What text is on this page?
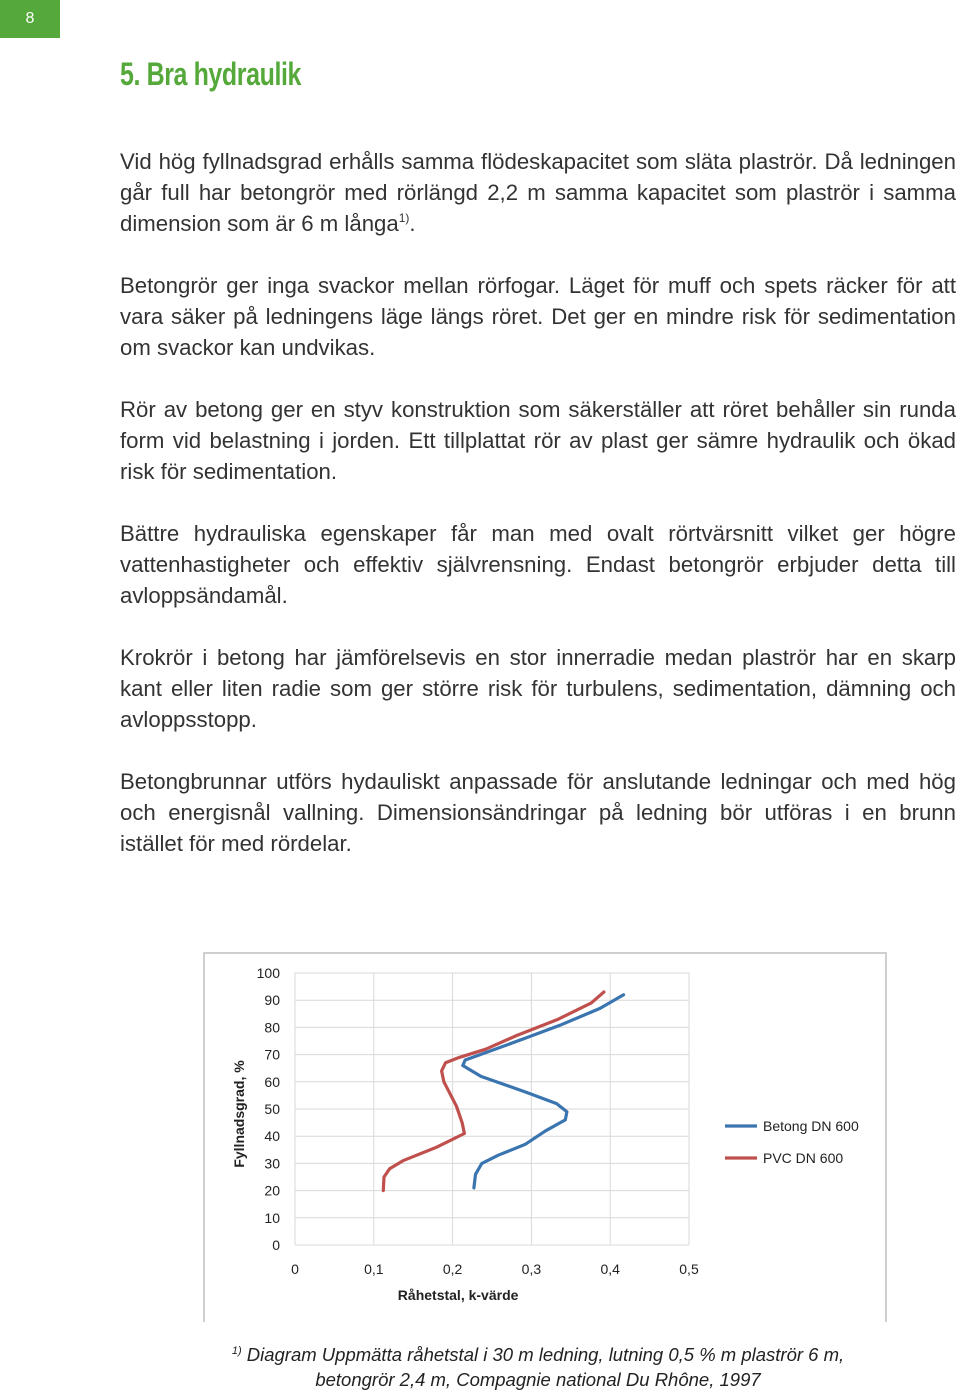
8
5. Bra hydraulik

Vid hög fyllnadsgrad erhålls samma flödeskapacitet som släta plaströr. Då ledningen går full har betongrör med rörlängd 2,2 m samma kapacitet som plaströr i samma dimension som är 6 m långa$^{1)}$.

Betongrör ger inga svackor mellan rörfogar. Läget för muff och spets räcker för att vara säker på ledningens läge längs röret. Det ger en mindre risk för sedimentation om svackor kan undvikas.

Rör av betong ger en styv konstruktion som säkerställer att röret behåller sin runda form vid belastning i jorden. Ett tillplattat rör av plast ger sämre hydraulik och ökad risk för sedimentation.

Bättre hydrauliska egenskaper får man med ovalt rörtvärsnitt vilket ger högre vattenhastigheter och effektiv självrensning. Endast betongrör erbjuder detta till avloppsändamål.

Krokrör i betong har jämförelsevis en stor innerradie medan plaströr har en skarp kant eller liten radie som ger större risk för turbulens, sedimentation, dämning och avloppsstopp.

Betongbrunnar utförs hydauliskt anpassade för anslutande ledningar och med hög och energisnål vallning. Dimensionsändringar på ledning bör utföras i en brunn istället för med rördelar.

0
10
20
30
40
50
60
70
80
90
100
0	0,1	0,2	0,3	0,4	0,5
Råhetstal, k-värde
Fyllnadsgrad, %	Betong DN 600
PVC DN 600
$^{1)}$ Diagram Uppmätta råhetstal i 30 m ledning, lutning 0,5 % m plaströr 6 m,
betongrör 2,4 m, Compagnie national Du Rhône, 1997
